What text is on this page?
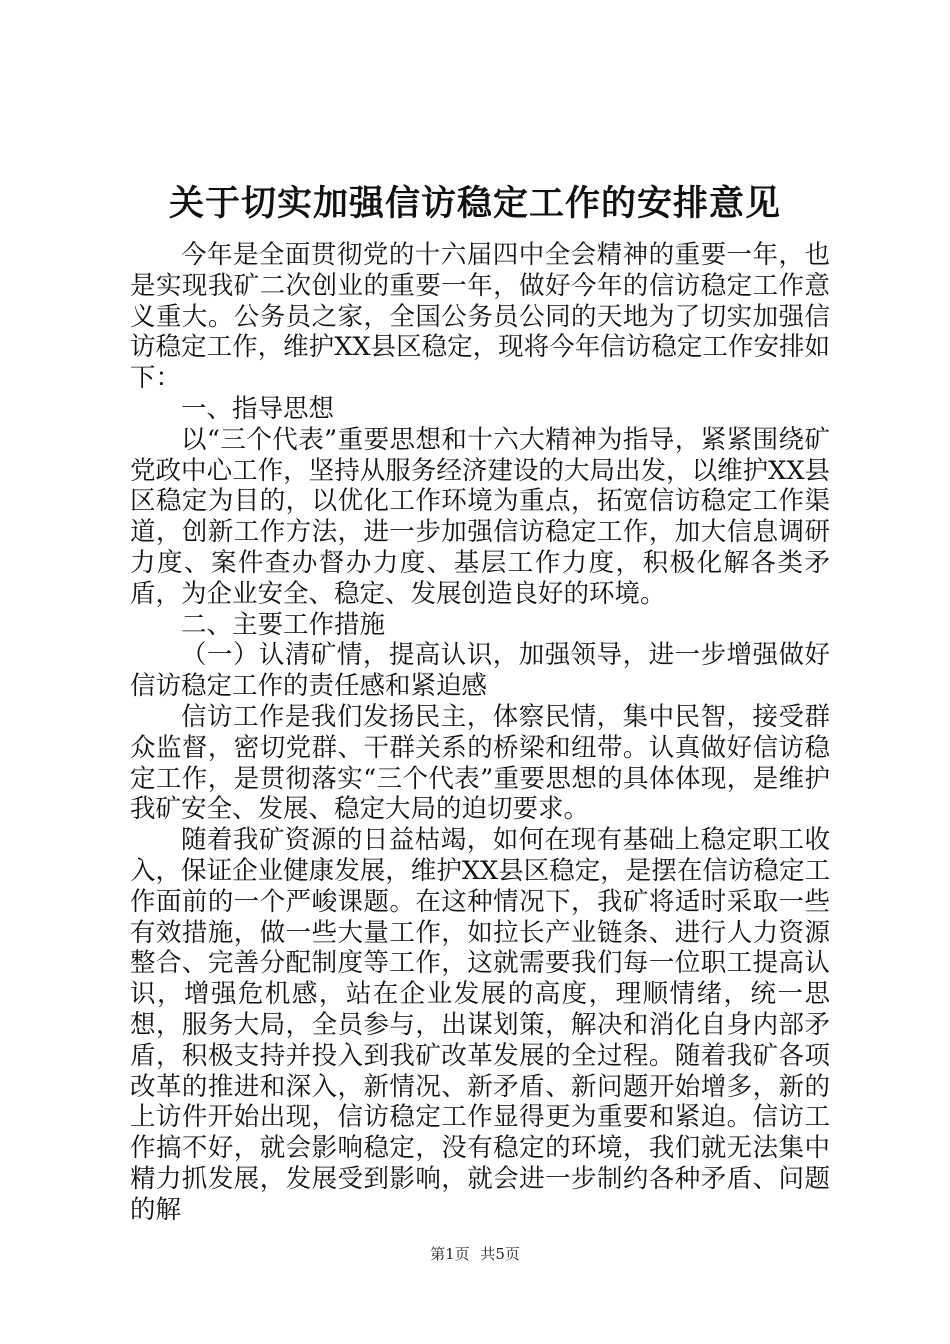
关于切实加强信访稳定工作的安排意见

今年是全面贯彻党的十六届四中全会精神的重要一年，也是实现我矿二次创业的重要一年，做好今年的信访稳定工作意义重大。公务员之家，全国公务员公同的天地为了切实加强信访稳定工作，维护XX县区稳定，现将今年信访稳定工作安排如下：

一、指导思想

以“三个代表”重要思想和十六大精神为指导，紧紧围绕矿党政中心工作，坚持从服务经济建设的大局出发，以维护XX县区稳定为目的，以优化工作环境为重点，拓宽信访稳定工作渠道，创新工作方法，进一步加强信访稳定工作，加大信息调研力度、案件查办督办力度、基层工作力度，积极化解各类矛盾，为企业安全、稳定、发展创造良好的环境。

二、主要工作措施

（一）认清矿情，提高认识，加强领导，进一步增强做好信访稳定工作的责任感和紧迫感

信访工作是我们发扬民主，体察民情，集中民智，接受群众监督，密切党群、干群关系的桥梁和纽带。认真做好信访稳定工作，是贯彻落实“三个代表”重要思想的具体体现，是维护我矿安全、发展、稳定大局的迫切要求。

随着我矿资源的日益枯竭，如何在现有基础上稳定职工收入，保证企业健康发展，维护XX县区稳定，是摆在信访稳定工作面前的一个严峻课题。在这种情况下，我矿将适时采取一些有效措施，做一些大量工作，如拉长产业链条、进行人力资源整合、完善分配制度等工作，这就需要我们每一位职工提高认识，增强危机感，站在企业发展的高度，理顺情绪，统一思想，服务大局，全员参与，出谋划策，解决和消化自身内部矛盾，积极支持并投入到我矿改革发展的全过程。随着我矿各项改革的推进和深入，新情况、新矛盾、新问题开始增多，新的上访件开始出现，信访稳定工作显得更为重要和紧迫。信访工作搞不好，就会影响稳定，没有稳定的环境，我们就无法集中精力抓发展，发展受到影响，就会进一步制约各种矛盾、问题的解

第1页 共5页
